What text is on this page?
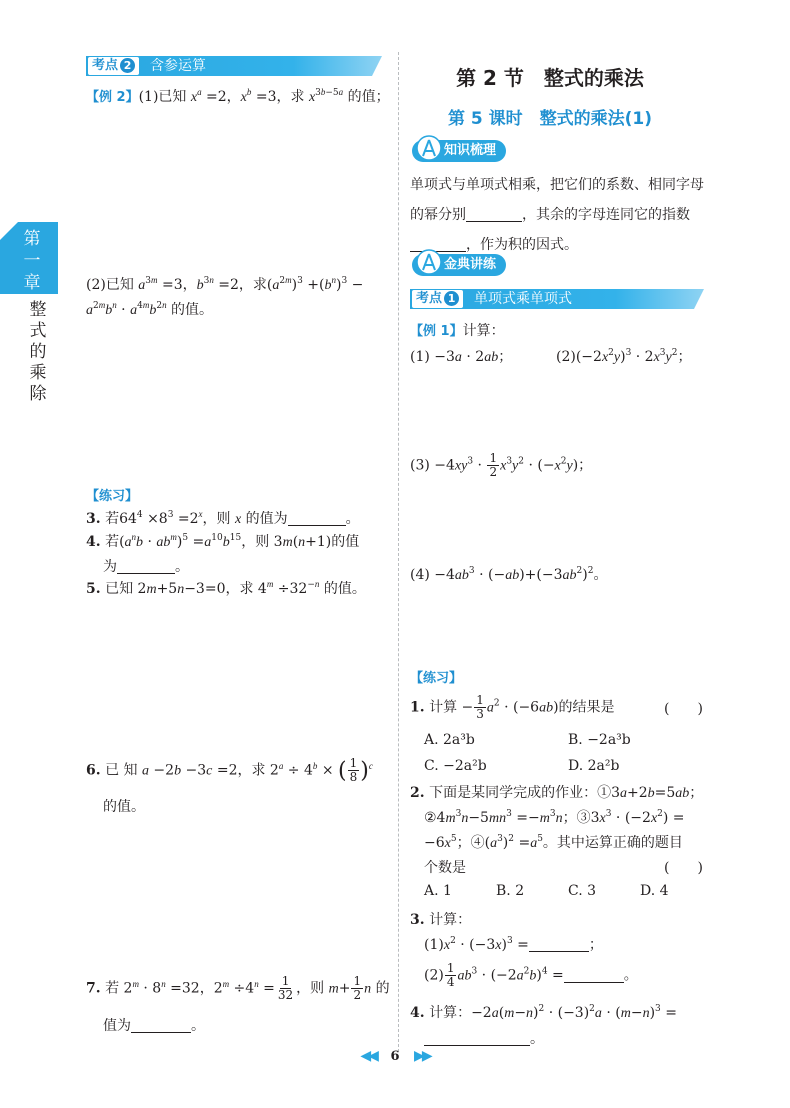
第一章
整式的乘除
考点 2	含参运算
【例 2】(1)已知 $x^a =2$，$x^b =3$，求 $x^{3b-5a}$ 的值；
(2)已知 $a^{3m} =3$，$b^{3n} =2$，求$(a^{2m})^3 +(b^n)^3$ −
$a^{2m}b^n \cdot a^{4m}b^{2n}$ 的值。
【练习】
3. 若$64^4 \times 8^3 =2^x$，则 x 的值为	。
4. 若$(a^nb \cdot ab^m)^5 =a^{10}b^{15}$，则 3m(n+1)的值
为	。
5. 已知 2m+5n−3=0，求 $4^m \div 32^{-n}$ 的值。
6. 已 知 a −2b −3c =2，求 $2^a \div 4^b$ × ( $\frac{1}{8} )^c$
的值。
7. 若 $2^m \cdot 8^n =32$，$2^m \div 4^n = \frac{1}{32}$ ，则 $m+ \frac{1}{2}$ n 的
值为	。
第 2 节　整式的乘法
第 5 课时　整式的乘法(1)
知识梳理
单项式与单项式相乘，把它们的系数、相同字母的幂分别	，其余的字母连同它的指数，作为积的因式。
金典讲练
考点 1	单项式乘单项式
【例 1】计算：
(1) −3a · 2ab；	$(2)(-2x^2y)^3 \cdot 2x^3y^2$；
$(3) -4xy^3 \cdot \frac{1}{2} x^3y^2 \cdot (-x^2y)$；
$(4) -4ab^3 \cdot (-ab)+(-3ab^2)^2$。
【练习】
1. 计算 − $\frac{1}{3} a^2 \cdot (-6ab)$的结果是	(　　)
A. 2a³b	B. −2a³b
C. −2a²b	D. 2a²b
2. 下面是某同学完成的作业：①3a+2b=5ab；
$②4m^3n-5mn^3 =-m^3n$；$③3x^3 \cdot (-2x^2)$ =
$-6x^5$；$④(a^3)^2 =a^5$。其中运算正确的题目
个数是	(　　)
A. 1	B. 2	C. 3	D. 4
3. 计算：
$(1)x^2 \cdot (-3x)^3$ =	；
$(2) \frac{1}{4} ab^3 \cdot (-2a^2b)^4$ =	。
4. 计算：$-2a(m-n)^2 \cdot (-3)^2a \cdot (m-n)^3$ =
。
◀◀ 6 ▶▶
